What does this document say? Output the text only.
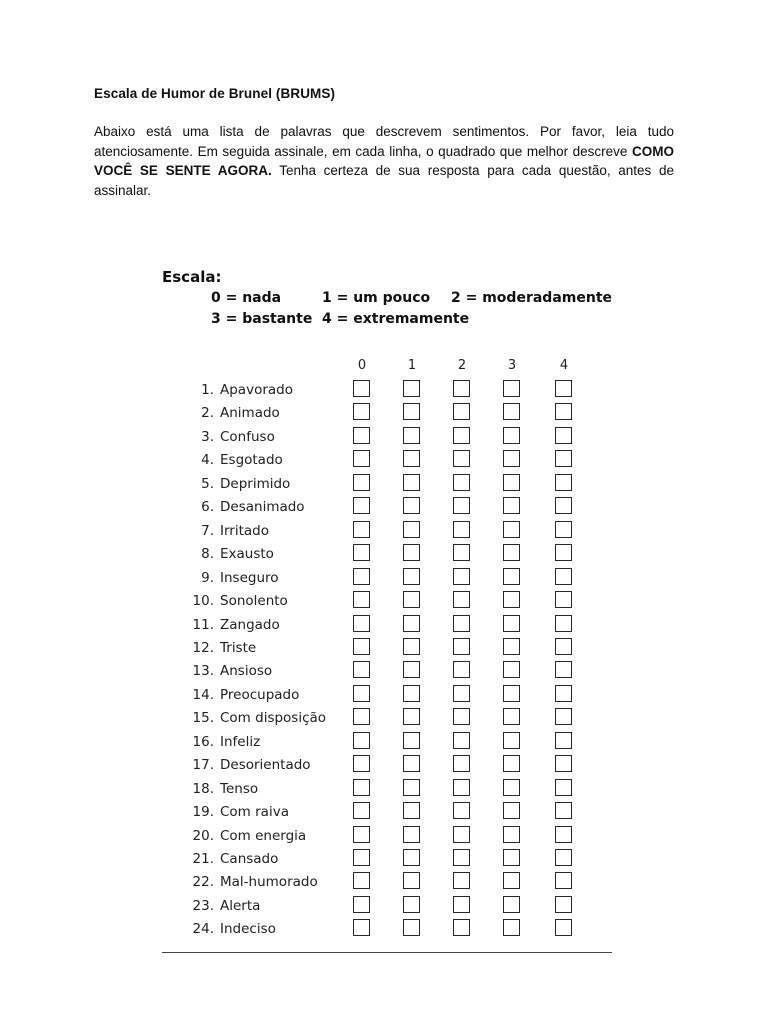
Escala de Humor de Brunel (BRUMS)
Abaixo está uma lista de palavras que descrevem sentimentos. Por favor, leia tudo atenciosamente. Em seguida assinale, em cada linha, o quadrado que melhor descreve COMO VOCÊ SE SENTE AGORA. Tenha certeza de sua resposta para cada questão, antes de assinalar.
Escala:
0 = nada	1 = um pouco 2 = moderadamente
3 = bastante 4 = extremamente
0	1	2	3	4
1. Apavorado
2. Animado
3. Confuso
4. Esgotado
5. Deprimido
6. Desanimado
7. Irritado
8. Exausto
9. Inseguro
10. Sonolento
11. Zangado
12. Triste
13. Ansioso
14. Preocupado
15. Com disposição
16. Infeliz
17. Desorientado
18. Tenso
19. Com raiva
20. Com energia
21. Cansado
22. Mal-humorado
23. Alerta
24. Indeciso
